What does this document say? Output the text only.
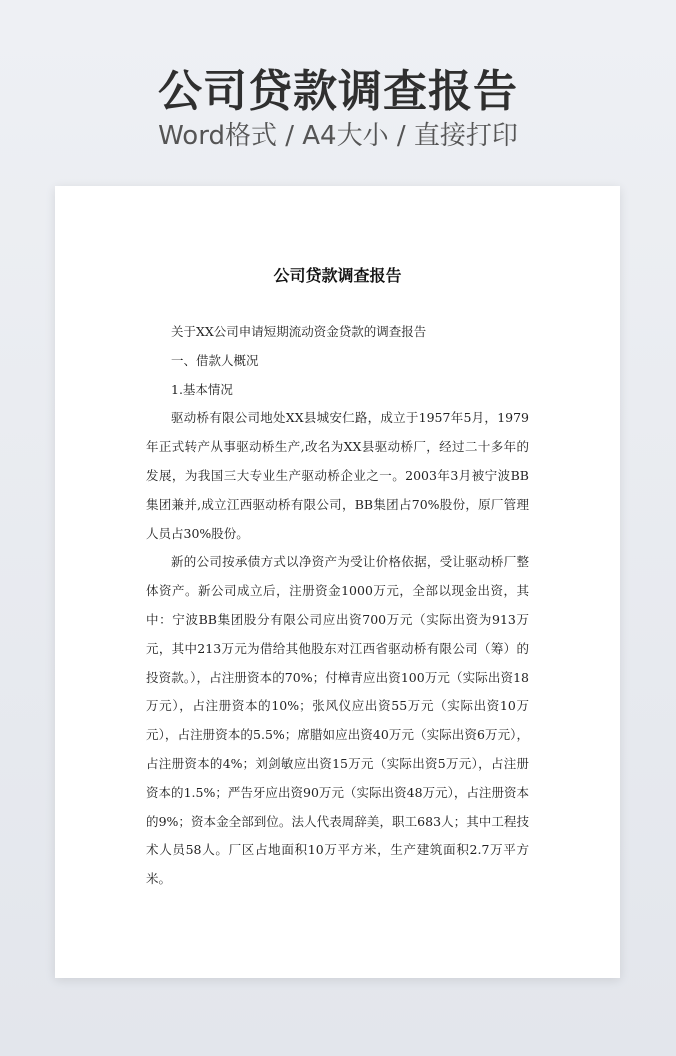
公司贷款调查报告
Word格式 / A4大小 / 直接打印
公司贷款调查报告

关于XX公司申请短期流动资金贷款的调查报告

一、借款人概况

1.基本情况

驱动桥有限公司地处XX县城安仁路，成立于1957年5月，1979年正式转产从事驱动桥生产,改名为XX县驱动桥厂，经过二十多年的发展，为我国三大专业生产驱动桥企业之一。2003年3月被宁波BB集团兼并,成立江西驱动桥有限公司，BB集团占70%股份，原厂管理人员占30%股份。

新的公司按承债方式以净资产为受让价格依据，受让驱动桥厂整体资产。新公司成立后，注册资金1000万元，全部以现金出资，其中：宁波BB集团股分有限公司应出资700万元（实际出资为913万元，其中213万元为借给其他股东对江西省驱动桥有限公司（筹）的投资款。），占注册资本的70%；付樟青应出资100万元（实际出资18万元），占注册资本的10%；张风仪应出资55万元（实际出资10万元），占注册资本的5.5%；席腊如应出资40万元（实际出资6万元），占注册资本的4%；刘剑敏应出资15万元（实际出资5万元），占注册资本的1.5%；严告牙应出资90万元（实际出资48万元），占注册资本的9%；资本金全部到位。法人代表周辞美，职工683人；其中工程技术人员58人。厂区占地面积10万平方米，生产建筑面积2.7万平方米。
